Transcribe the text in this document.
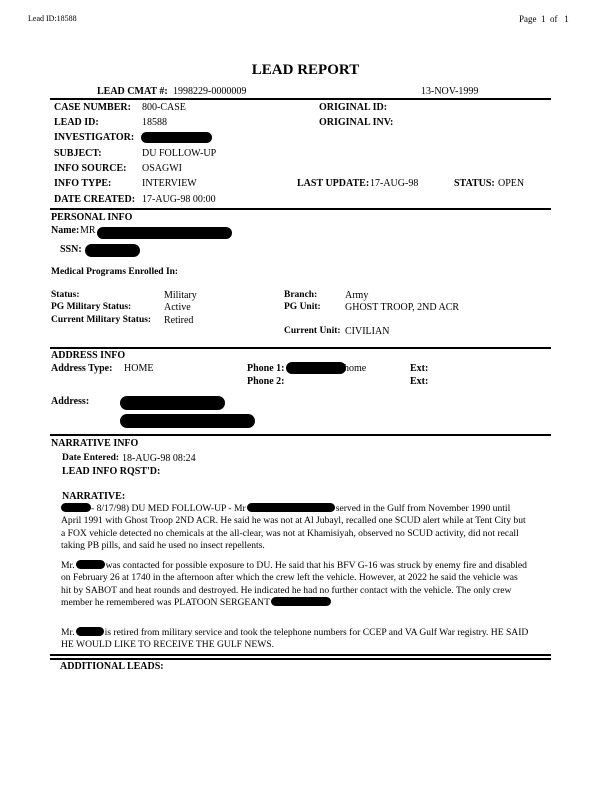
Lead ID:18588	Page 1 of 1
LEAD REPORT
LEAD CMAT #: 1998229-0000009	13-NOV-1999
CASE NUMBER: 800-CASE	ORIGINAL ID:
LEAD ID:	18588	ORIGINAL INV:
INVESTIGATOR:
SUBJECT:	DU FOLLOW-UP
INFO SOURCE: OSAGWI
INFO TYPE:	INTERVIEW	LAST UPDATE: 17-AUG-98	STATUS: OPEN
DATE CREATED: 17-AUG-98 00:00
PERSONAL INFO
Name: MR
SSN:
Medical Programs Enrolled In:
Status:	Military	Branch:	Army
PG Military Status:	Active	PG Unit: GHOST TROOP, 2ND ACR
Current Military Status: Retired
Current Unit: CIVILIAN
ADDRESS INFO
Address Type: HOME	Phone 1:	home	Ext:
Phone 2:	Ext:
Address:
NARRATIVE INFO
Date Entered: 18-AUG-98 08:24
LEAD INFO RQST'D:
NARRATIVE:
- 8/17/98) DU MED FOLLOW-UP - Mr	served in the Gulf from November 1990 until April 1991 with Ghost Troop 2ND ACR. He said he was not at Al Jubayl, recalled one SCUD alert while at Tent City but a FOX vehicle detected no chemicals at the all-clear, was not at Khamisiyah, observed no SCUD activity, did not recall taking PB pills, and said he used no insect repellents.
Mr.	was contacted for possible exposure to DU. He said that his BFV G-16 was struck by enemy fire and disabled on February 26 at 1740 in the afternoon after which the crew left the vehicle. However, at 2022 he said the vehicle was hit by SABOT and heat rounds and destroyed. He indicated he had no further contact with the vehicle. The only crew member he remembered was PLATOON SERGEANT
Mr.	is retired from military service and took the telephone numbers for CCEP and VA Gulf War registry. HE SAID HE WOULD LIKE TO RECEIVE THE GULF NEWS.
ADDITIONAL LEADS:
